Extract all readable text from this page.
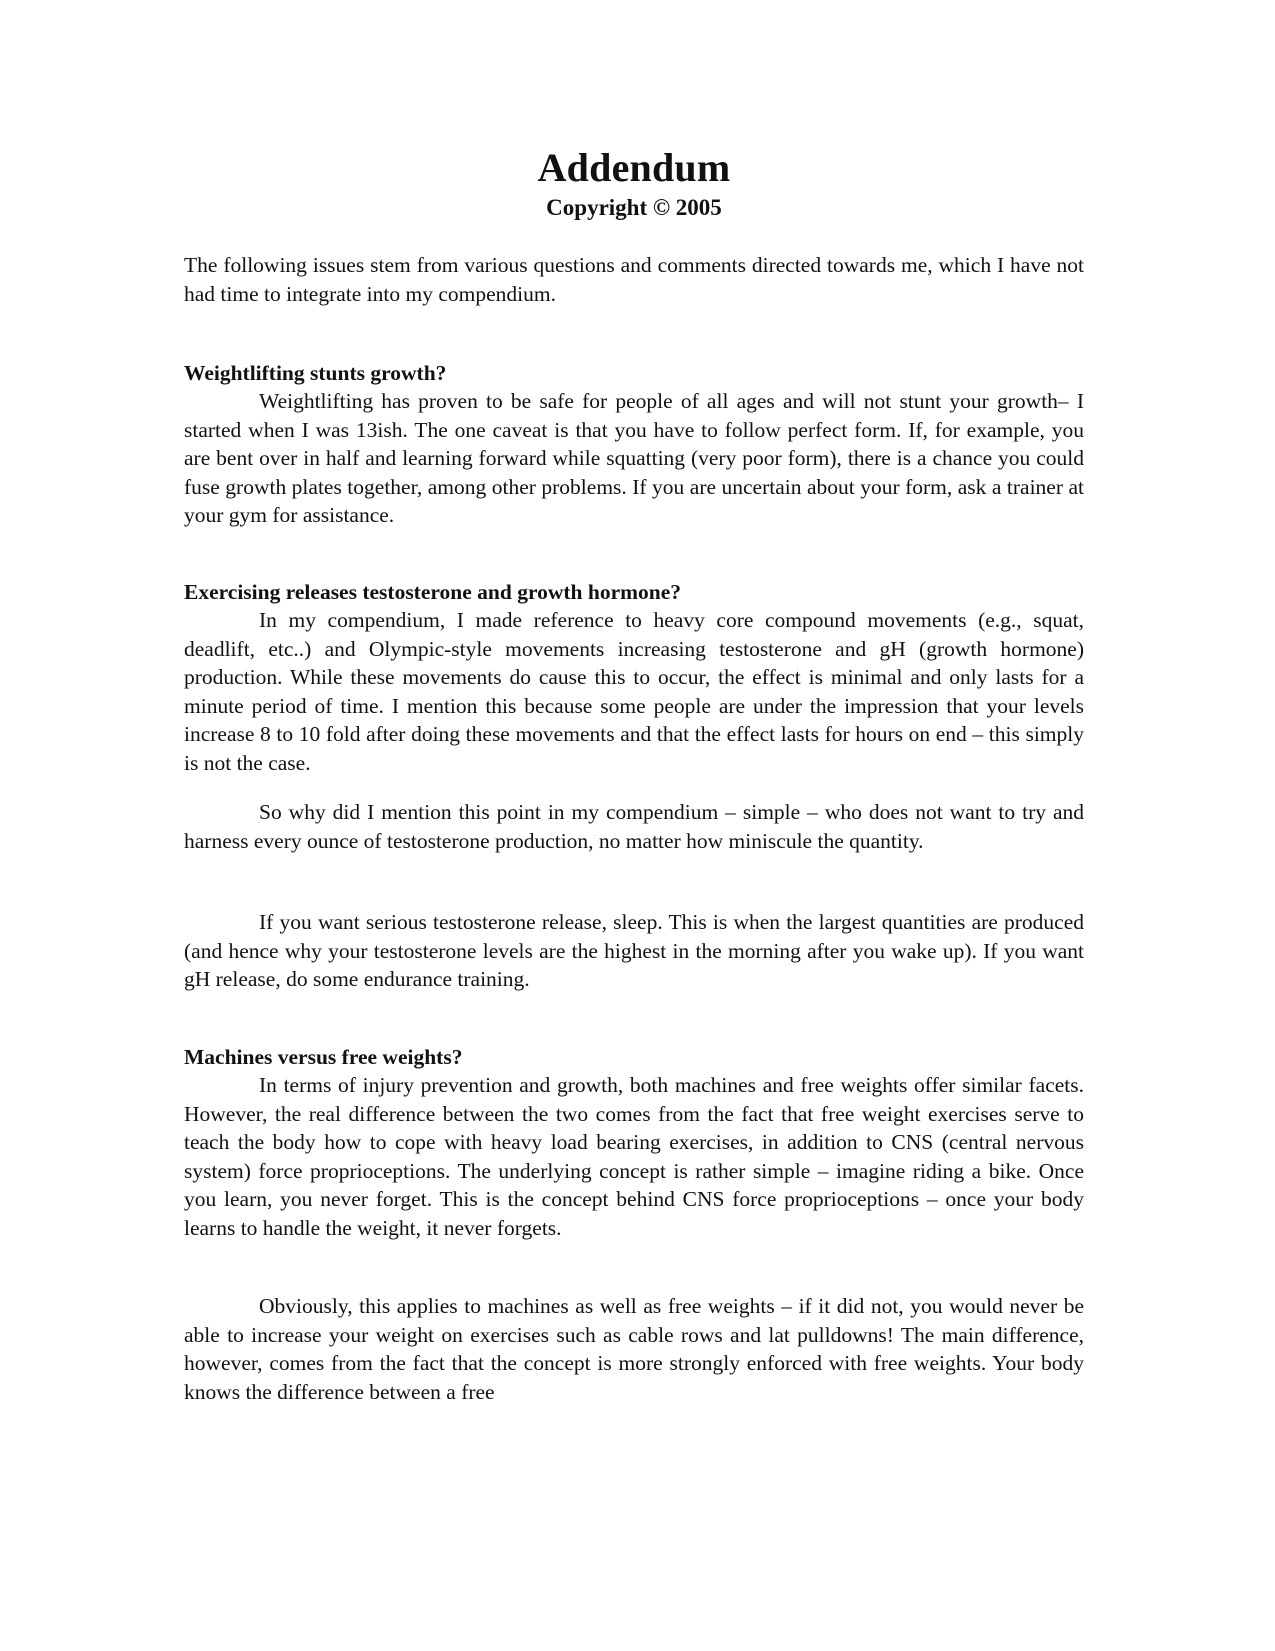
Addendum
Copyright © 2005
The following issues stem from various questions and comments directed towards me, which I have not had time to integrate into my compendium.
Weightlifting stunts growth?
Weightlifting has proven to be safe for people of all ages and will not stunt your growth– I started when I was 13ish. The one caveat is that you have to follow perfect form. If, for example, you are bent over in half and learning forward while squatting (very poor form), there is a chance you could fuse growth plates together, among other problems. If you are uncertain about your form, ask a trainer at your gym for assistance.
Exercising releases testosterone and growth hormone?
In my compendium, I made reference to heavy core compound movements (e.g., squat, deadlift, etc..) and Olympic-style movements increasing testosterone and gH (growth hormone) production. While these movements do cause this to occur, the effect is minimal and only lasts for a minute period of time. I mention this because some people are under the impression that your levels increase 8 to 10 fold after doing these movements and that the effect lasts for hours on end – this simply is not the case.
So why did I mention this point in my compendium – simple – who does not want to try and harness every ounce of testosterone production, no matter how miniscule the quantity.
If you want serious testosterone release, sleep. This is when the largest quantities are produced (and hence why your testosterone levels are the highest in the morning after you wake up). If you want gH release, do some endurance training.
Machines versus free weights?
In terms of injury prevention and growth, both machines and free weights offer similar facets. However, the real difference between the two comes from the fact that free weight exercises serve to teach the body how to cope with heavy load bearing exercises, in addition to CNS (central nervous system) force proprioceptions. The underlying concept is rather simple – imagine riding a bike. Once you learn, you never forget. This is the concept behind CNS force proprioceptions – once your body learns to handle the weight, it never forgets.
Obviously, this applies to machines as well as free weights – if it did not, you would never be able to increase your weight on exercises such as cable rows and lat pulldowns! The main difference, however, comes from the fact that the concept is more strongly enforced with free weights. Your body knows the difference between a free
